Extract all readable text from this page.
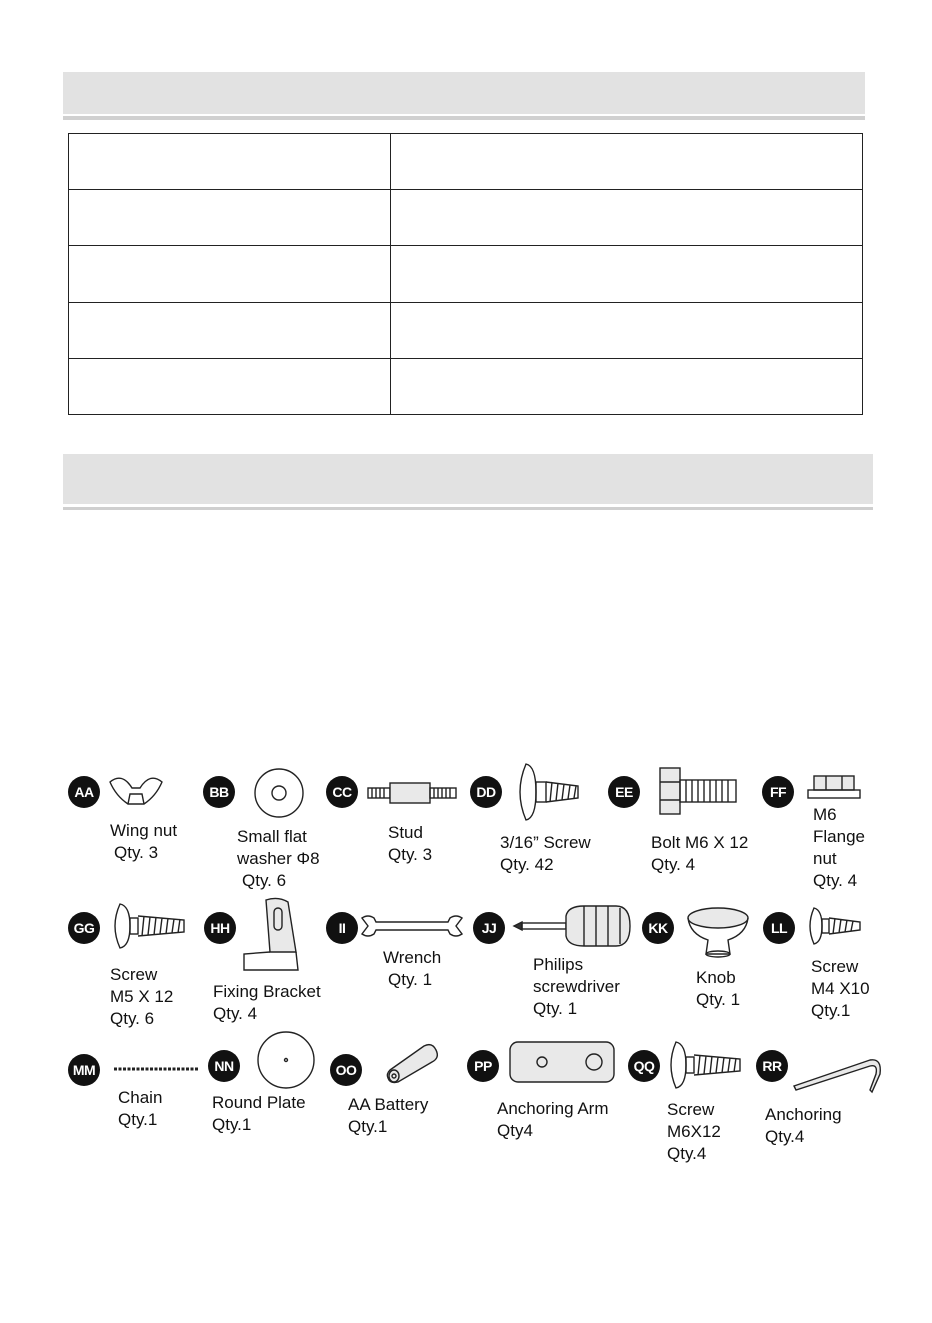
AA
Wing nut
Qty. 3
BB
Small flat
washer Φ8
Qty. 6
CC
Stud
Qty. 3
DD
3/16” Screw
Qty. 42
EE
Bolt M6 X 12
Qty. 4
FF
M6
Flange
nut
Qty. 4
GG
Screw
M5 X 12
Qty. 6
HH
Fixing Bracket
Qty. 4
II
Wrench
Qty. 1
JJ
Philips
screwdriver
Qty. 1
KK
Knob
Qty. 1
LL
Screw
M4 X10
Qty.1
MM
Chain
Qty.1
NN
Round Plate
Qty.1
OO
AA Battery
Qty.1
PP
Anchoring Arm
Qty4
QQ
Screw
M6X12
Qty.4
RR
Anchoring
Qty.4
